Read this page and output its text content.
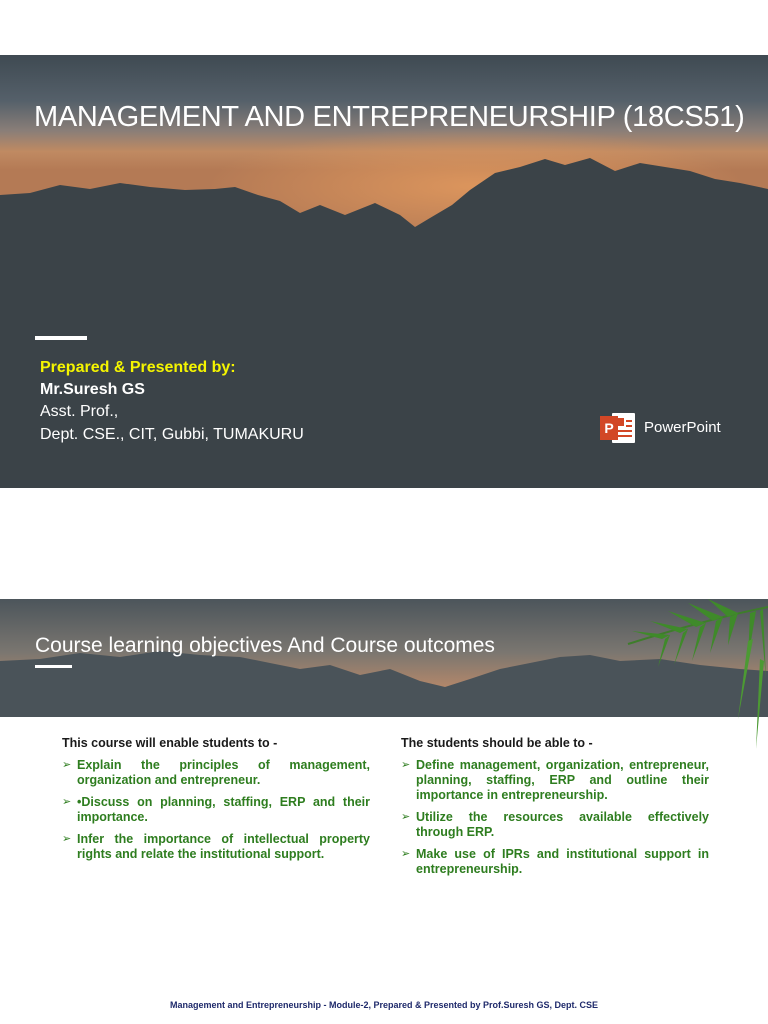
MANAGEMENT AND ENTREPRENEURSHIP (18CS51)
Prepared & Presented by:
Mr.Suresh GS
Asst. Prof.,
Dept. CSE., CIT, Gubbi, TUMAKURU	P PowerPoint
Course learning objectives And Course outcomes
This course will enable students to -
➢ Explain the principles of management, organization and entrepreneur.
➢ •Discuss on planning, staffing, ERP and their importance.
➢ Infer the importance of intellectual property rights and relate the institutional support.
The students should be able to -
➢ Define management, organization, entrepreneur, planning, staffing, ERP and outline their importance in entrepreneurship.
➢ Utilize the resources available effectively through ERP.
➢ Make use of IPRs and institutional support in entrepreneurship.
Management and Entrepreneurship - Module-2, Prepared & Presented by Prof.Suresh GS, Dept. CSE
